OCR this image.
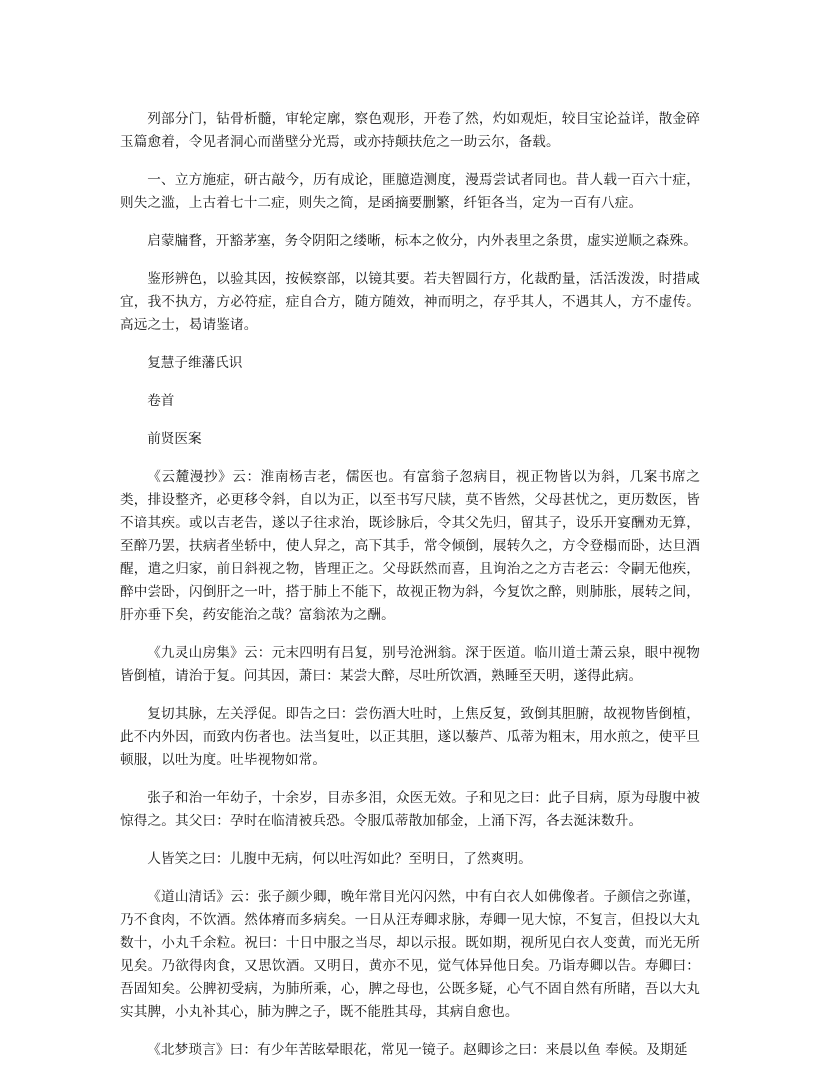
列部分门，钻骨析髓，审轮定廓，察色观形，开卷了然，灼如观炬，较目宝论益详，散金碎玉篇愈着，令见者洞心而凿壁分光焉，或亦持颠扶危之一助云尔，备载。

一、立方施症，研古敲今，历有成论，匪臆造测度，漫焉尝试者同也。昔人载一百六十症，则失之滥，上古着七十二症，则失之简，是函摘要删繁，纤钜各当，定为一百有八症。

启蒙牖瞀，开豁茅塞，务令阴阳之缕晰，标本之攸分，内外表里之条贯，虚实逆顺之森殊。

鉴形辨色，以验其因，按候察部，以镜其要。若夫智圆行方，化裁酌量，活活泼泼，时措咸宜，我不执方，方必符症，症自合方，随方随效，神而明之，存乎其人，不遇其人，方不虚传。高远之士，曷请鉴诸。

复慧子维藩氏识

卷首

前贤医案

《云麓漫抄》云：淮南杨吉老，儒医也。有富翁子忽病目，视正物皆以为斜，几案书席之类，排设整齐，必更移令斜，自以为正，以至书写尺牍，莫不皆然，父母甚忧之，更历数医，皆不谙其疾。或以吉老告，遂以子往求治，既诊脉后，令其父先归，留其子，设乐开宴酬劝无算，至醉乃罢，扶病者坐轿中，使人舁之，高下其手，常令倾倒，展转久之，方令登榻而卧，达旦酒醒，遣之归家，前日斜视之物，皆理正之。父母跃然而喜，且询治之之方吉老云：令嗣无他疾，醉中尝卧，闪倒肝之一叶，搭于肺上不能下，故视正物为斜，今复饮之醉，则肺胀，展转之间，肝亦垂下矣，药安能治之哉？富翁浓为之酬。

《九灵山房集》云：元末四明有吕复，别号沧洲翁。深于医道。临川道士萧云泉，眼中视物皆倒植，请治于复。问其因，萧曰：某尝大醉，尽吐所饮酒，熟睡至天明，遂得此病。

复切其脉，左关浮促。即告之曰：尝伤酒大吐时，上焦反复，致倒其胆腑，故视物皆倒植，此不内外因，而致内伤者也。法当复吐，以正其胆，遂以藜芦、瓜蒂为粗末，用水煎之，使平旦顿服，以吐为度。吐毕视物如常。

张子和治一年幼子，十余岁，目赤多泪，众医无效。子和见之曰：此子目病，原为母腹中被惊得之。其父曰：孕时在临清被兵恐。令服瓜蒂散加郁金，上涌下泻，各去涎沫数升。

人皆笑之曰：儿腹中无病，何以吐泻如此？至明日，了然爽明。

《道山清话》云：张子颜少卿，晚年常目光闪闪然，中有白衣人如佛像者。子颜信之弥谨，乃不食肉，不饮酒。然体瘠而多病矣。一日从汪寿卿求脉，寿卿一见大惊，不复言，但投以大丸数十，小丸千余粒。祝曰：十日中服之当尽，却以示报。既如期，视所见白衣人变黄，而光无所见矣。乃欲得肉食，又思饮酒。又明日，黄亦不见，觉气体异他日矣。乃诣寿卿以告。寿卿曰：吾固知矣。公脾初受病，为肺所乘，心，脾之母也，公既多疑，心气不固自然有所睹，吾以大丸实其脾，小丸补其心，肺为脾之子，既不能胜其母，其病自愈也。

《北梦琐言》曰：有少年苦眩晕眼花，常见一镜子。赵卿诊之曰：来晨以鱼 奉候。及期延
